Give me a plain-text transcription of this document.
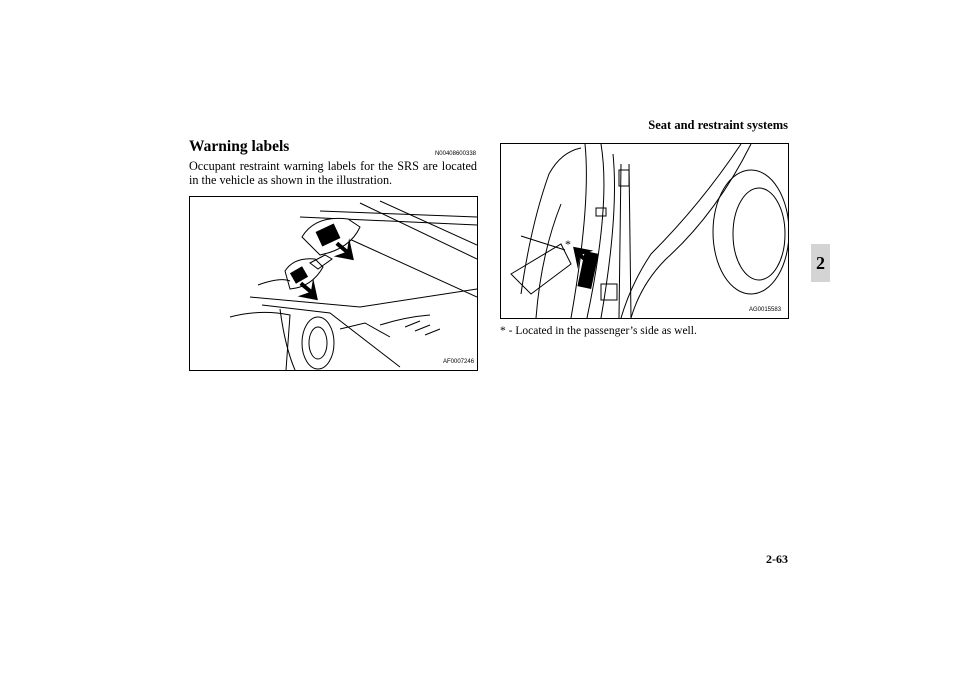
Seat and restraint systems
2
Warning labels	N00408600338
Occupant restraint warning labels for the SRS are located in the vehicle as shown in the illustration.
AF0007246
*
AG0015583
* - Located in the passenger’s side as well.
2-63
